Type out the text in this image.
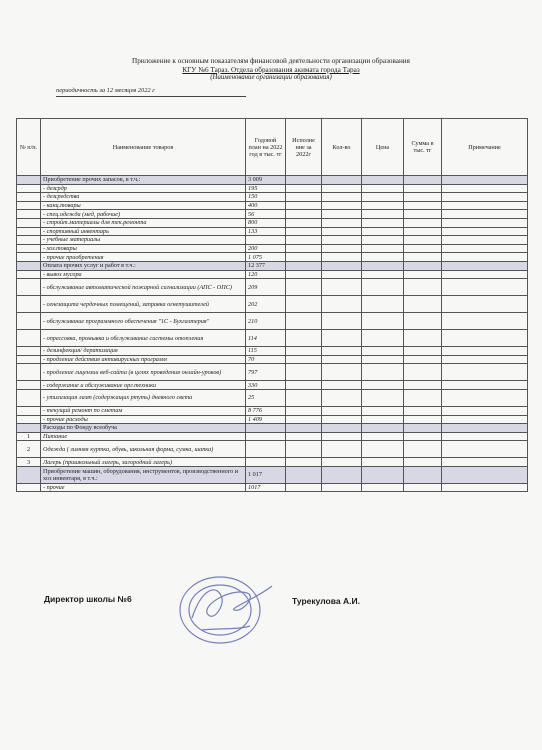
Приложение к основным показателям финансовой деятельности организации образования
КГУ №6 Тараз. Отдела образования акимата города Тараз
(Наименование организации образования)
периодичность за 12 месяцев 2022 г
№ п/п.	Наименование товаров	Годовой план на 2022 год в тыс. тг	Исполне ние за 2022г	Кол-во	Цена	Сумма в тыс. тг	Примечание
	Приобретение прочих запасов, в т.ч.:	3 009					
	- дезсрдр	195					
	- дезсредства	150					
	- канц.товары	400					
	- спец.одежда (мед, рабочие)	56					
	- стройт.материалы для тек.ремонта	800					
	- спортивный инвентарь	133					
	- учебные материалы						
	- хоз.товары	200					
	- прочие приобретения	1 075					
	Оплата прочих услуг и работ в т.ч.:	12 377					
	- вывоз мусора	120					
	- обслуживание автоматической пожарной сигнализации (АПС - ОПС)	209					
	- огнезащита чердачных помещений, заправка огнетушителей	202					
	- обслуживание программного обеспечения "1С - Бухгалтерия"	210					
	- опрессовка, промывка и обслуживание системы отопления	114					
	- дезинфекция/ дератизация	115					
	- продление действия антивирусных программ	70					
	- продление лицензии веб-сайта (в целях проведения онлайн-уроков)	797					
	- содержание и обслуживание орг.техники	330					
	- утилизация ламп (содержащих ртуть) дневного света	25					
	- текущий ремонт по сметам	8 776					
	- прочие расходы	1 409					
	Расходы по Фонду всеобуча						
1	Питание						
2	Одежда ( зимняя куртка, обувь, школьная форма, сумка, шапка)						
3	Лагерь (пришкольный лагерь, загородний лагерь)						
	Приобретение машин, оборудования, инструментов, производственного и хоз инвентаря, в т.ч.:	1 017					
	- прочие	1017					
Директор школы №6	Турекулова А.И.
